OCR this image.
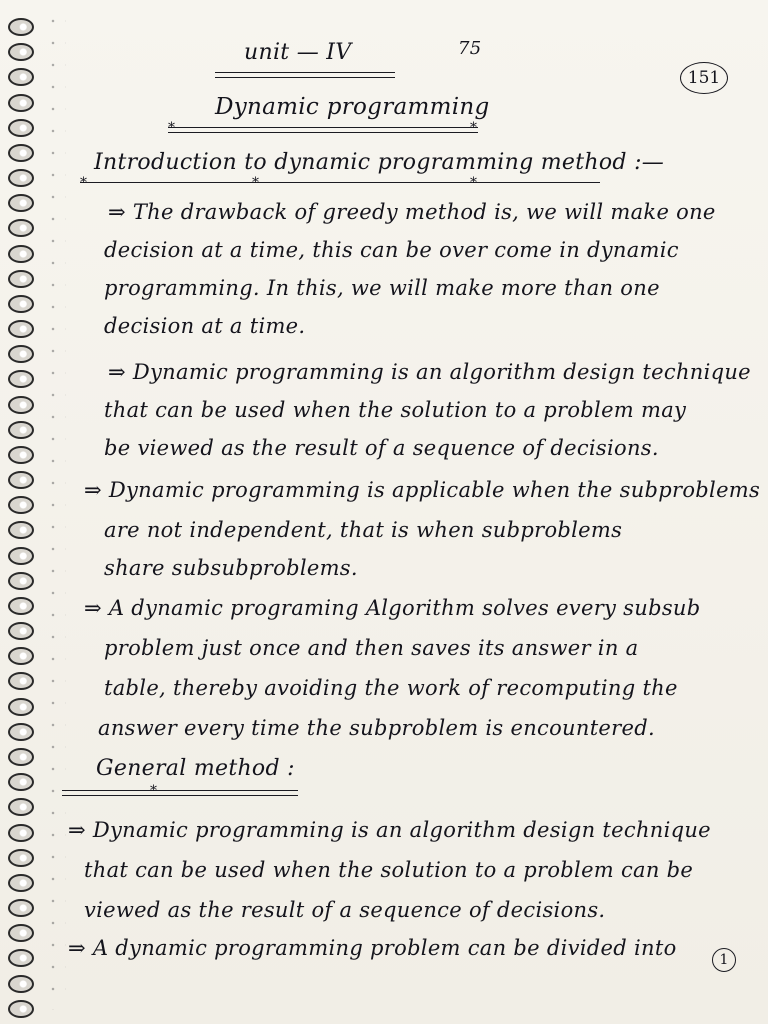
unit — IV	75
151
Dynamic programming
*	*
Introduction to dynamic programming method :—
*	*	*
⇒ The drawback of greedy method is, we will make one
decision at a time, this can be over come in dynamic
programming. In this, we will make more than one
decision at a time.
⇒ Dynamic programming is an algorithm design technique
that can be used when the solution to a problem may
be viewed as the result of a sequence of decisions.
⇒ Dynamic programming is applicable when the subproblems
are not independent, that is when subproblems
share subsubproblems.
⇒ A dynamic programing Algorithm solves every subsub
problem just once and then saves its answer in a
table, thereby avoiding the work of recomputing the
answer every time the subproblem is encountered.
General method :
*
⇒ Dynamic programming is an algorithm design technique
that can be used when the solution to a problem can be
viewed as the result of a sequence of decisions.
⇒ A dynamic programming problem can be divided into	1
